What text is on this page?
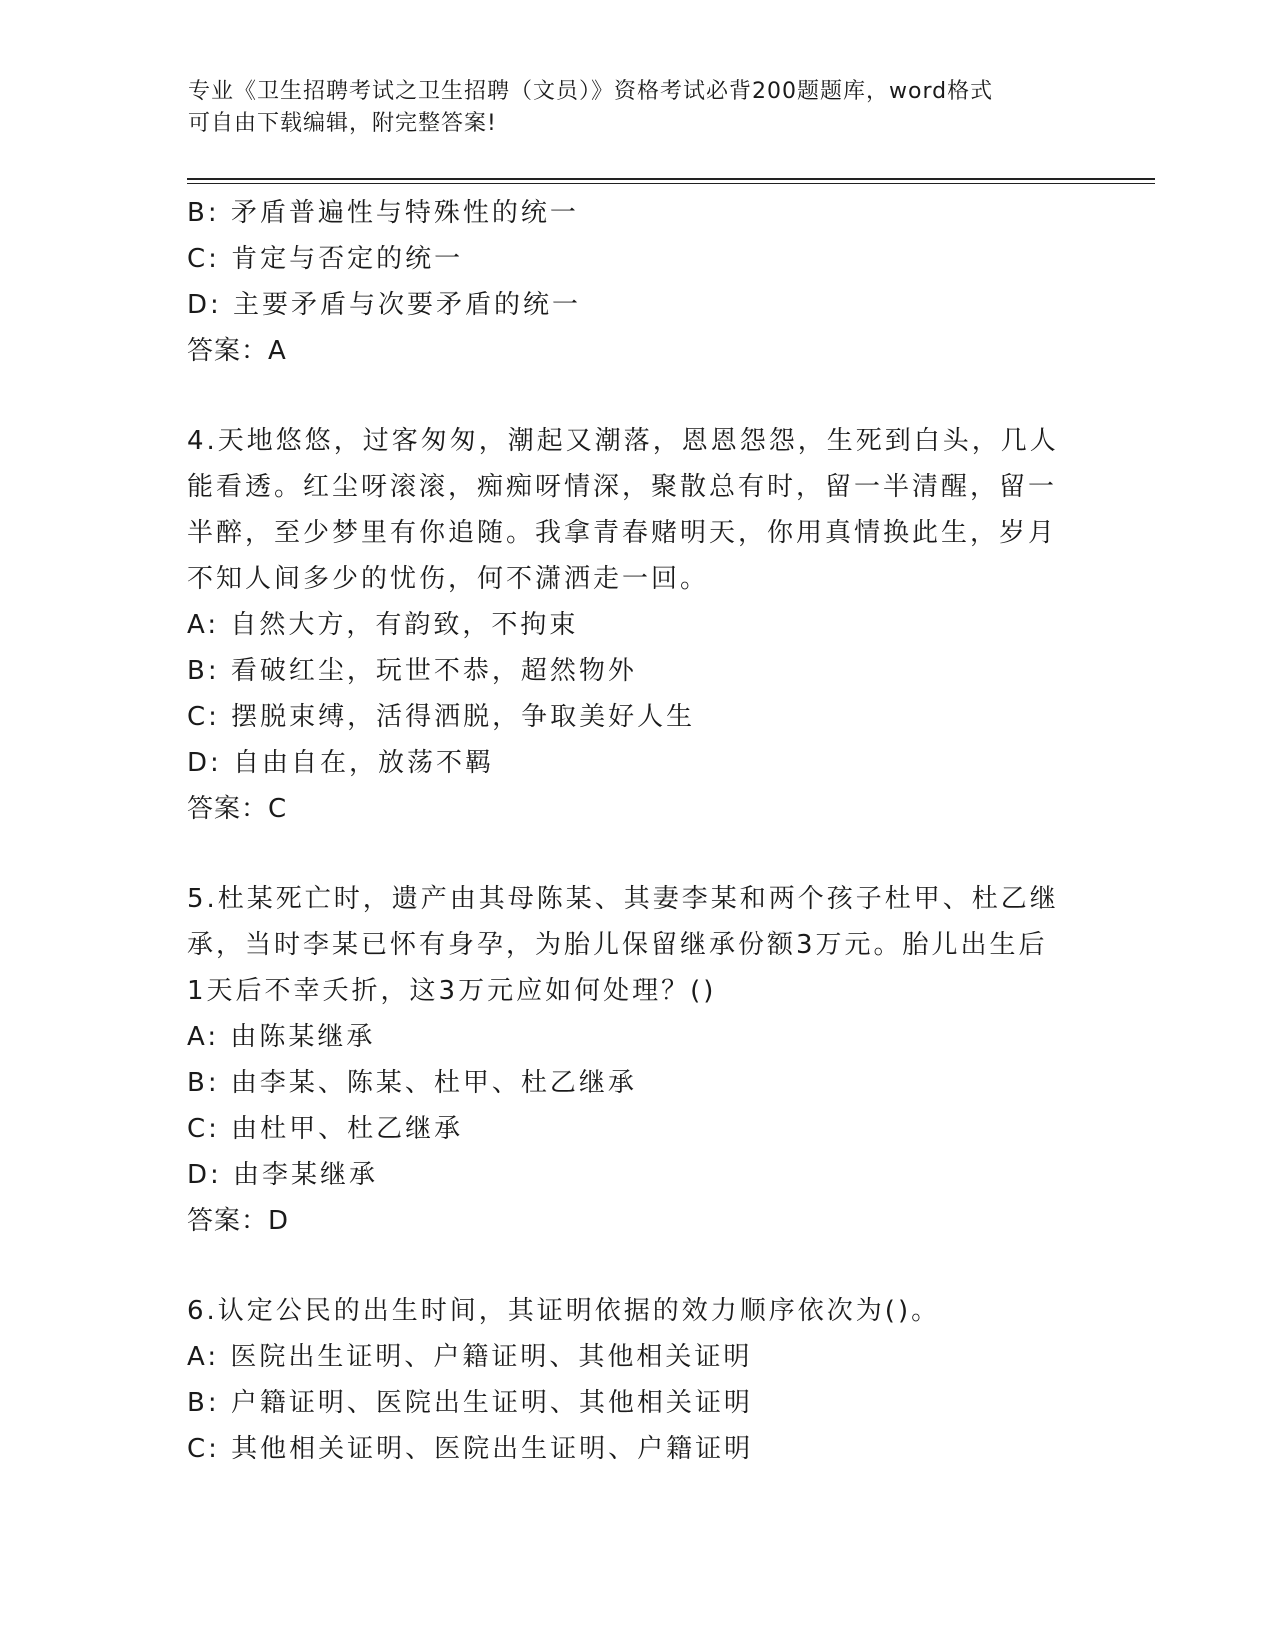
专业《卫生招聘考试之卫生招聘（文员）》资格考试必背200题题库，word格式
可自由下载编辑，附完整答案!
B: 矛盾普遍性与特殊性的统一
C: 肯定与否定的统一
D: 主要矛盾与次要矛盾的统一
答案：A
4.天地悠悠，过客匆匆，潮起又潮落，恩恩怨怨，生死到白头，几人
能看透。红尘呀滚滚，痴痴呀情深，聚散总有时，留一半清醒，留一
半醉，至少梦里有你追随。我拿青春赌明天，你用真情换此生，岁月
不知人间多少的忧伤，何不潇洒走一回。
A: 自然大方，有韵致，不拘束
B: 看破红尘，玩世不恭，超然物外
C: 摆脱束缚，活得洒脱，争取美好人生
D: 自由自在，放荡不羁
答案：C
5.杜某死亡时，遗产由其母陈某、其妻李某和两个孩子杜甲、杜乙继
承，当时李某已怀有身孕，为胎儿保留继承份额3万元。胎儿出生后
1天后不幸夭折，这3万元应如何处理？()
A: 由陈某继承
B: 由李某、陈某、杜甲、杜乙继承
C: 由杜甲、杜乙继承
D: 由李某继承
答案：D
6.认定公民的出生时间，其证明依据的效力顺序依次为()。
A: 医院出生证明、户籍证明、其他相关证明
B: 户籍证明、医院出生证明、其他相关证明
C: 其他相关证明、医院出生证明、户籍证明
